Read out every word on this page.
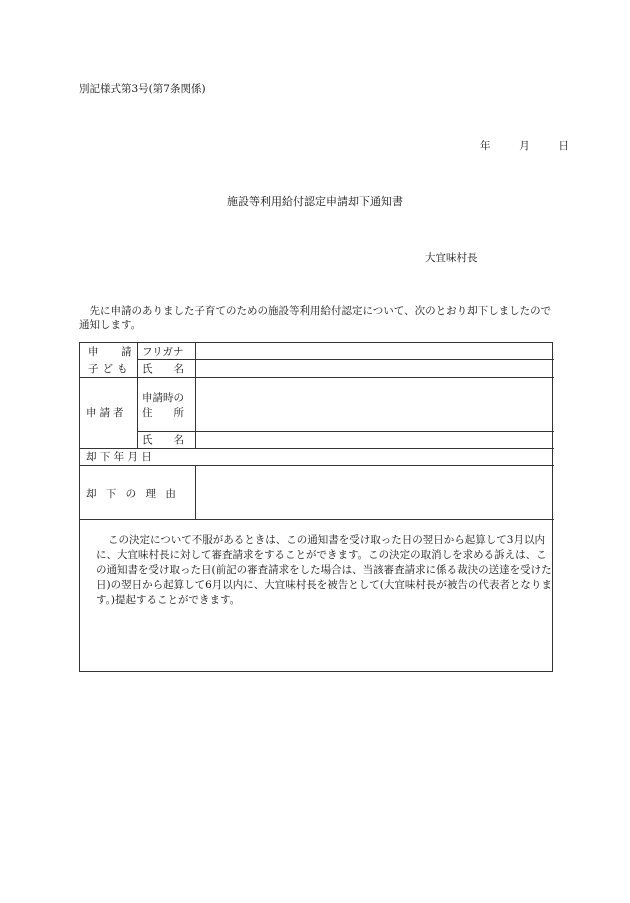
別記様式第3号(第7条関係)
年	月	日
施設等利用給付認定申請却下通知書
大宜味村長
　先に申請のありました子育てのための施設等利用給付認定について、次のとおり却下しましたので通知します。
申　請
子ども
フリガナ
氏　　名
申請者
申請時の
住　　所
氏　　名
却 下 年 月 日
却 下 の 理 由
この決定について不服があるときは、この通知書を受け取った日の翌日から起算して3月以内に、大宜味村長に対して審査請求をすることができます。この決定の取消しを求める訴えは、この通知書を受け取った日(前記の審査請求をした場合は、当該審査請求に係る裁決の送達を受けた日)の翌日から起算して6月以内に、大宜味村長を被告として(大宜味村長が被告の代表者となります。)提起することができます。
